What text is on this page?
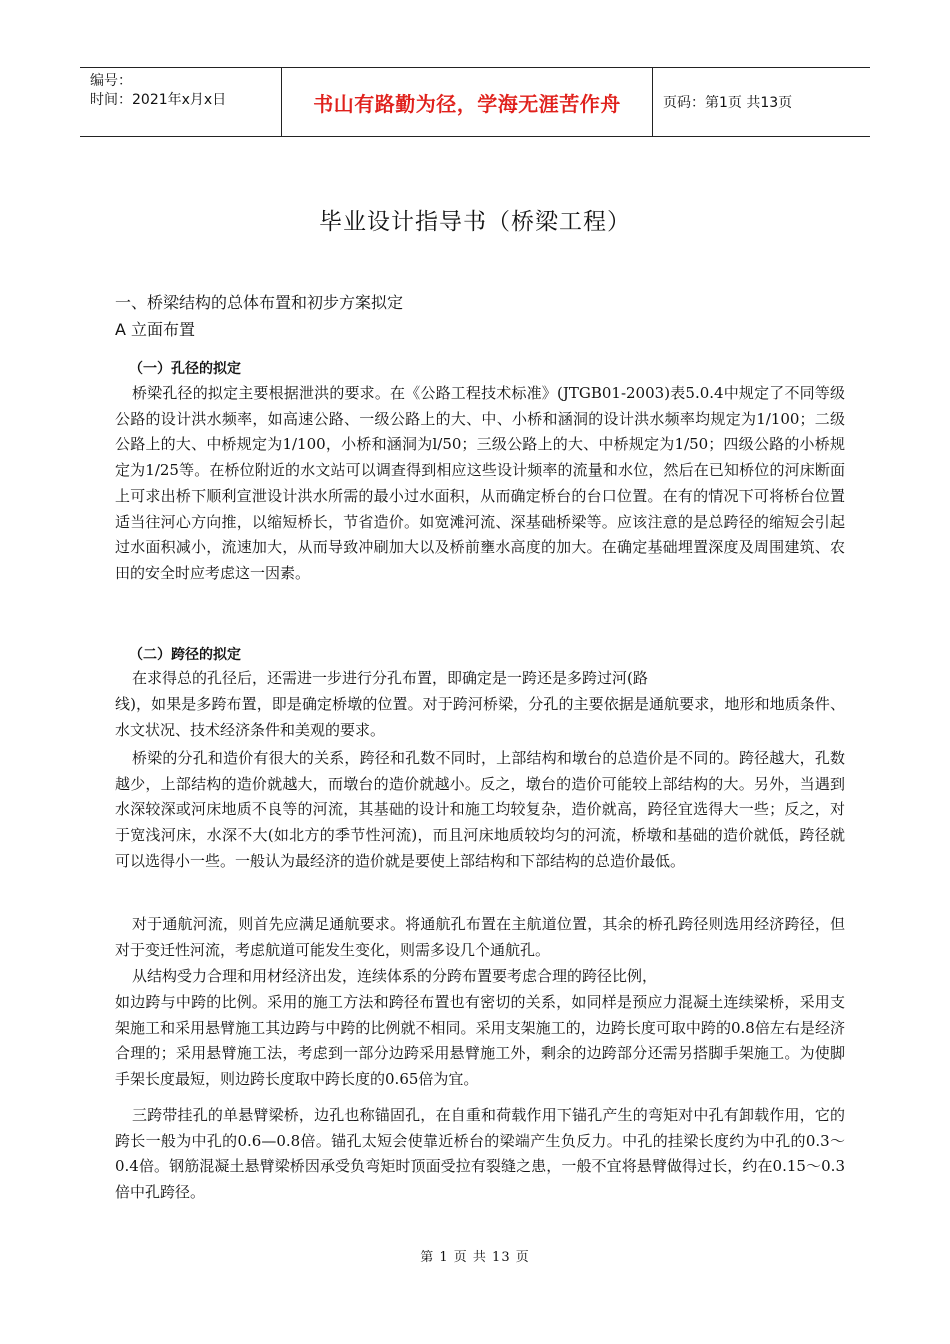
编号：
时间：2021年x月x日	书山有路勤为径，学海无涯苦作舟	页码：第1页 共13页
毕业设计指导书（桥梁工程）
一、桥梁结构的总体布置和初步方案拟定
A 立面布置
（一）孔径的拟定

桥梁孔径的拟定主要根据泄洪的要求。在《公路工程技术标准》(JTGB01-2003)表5.0.4中规定了不同等级公路的设计洪水频率，如高速公路、一级公路上的大、中、小桥和涵洞的设计洪水频率均规定为1/100；二级公路上的大、中桥规定为1/100，小桥和涵洞为l/50；三级公路上的大、中桥规定为1/50；四级公路的小桥规定为1/25等。在桥位附近的水文站可以调查得到相应这些设计频率的流量和水位，然后在已知桥位的河床断面上可求出桥下顺利宣泄设计洪水所需的最小过水面积，从而确定桥台的台口位置。在有的情况下可将桥台位置适当往河心方向推，以缩短桥长，节省造价。如宽滩河流、深基础桥梁等。应该注意的是总跨径的缩短会引起过水面积减小，流速加大，从而导致冲刷加大以及桥前壅水高度的加大。在确定基础埋置深度及周围建筑、农田的安全时应考虑这一因素。

（二）跨径的拟定

在求得总的孔径后，还需进一步进行分孔布置，即确定是一跨还是多跨过河(路

线)，如果是多跨布置，即是确定桥墩的位置。对于跨河桥梁，分孔的主要依据是通航要求，地形和地质条件、水文状况、技术经济条件和美观的要求。

桥梁的分孔和造价有很大的关系，跨径和孔数不同时，上部结构和墩台的总造价是不同的。跨径越大，孔数越少，上部结构的造价就越大，而墩台的造价就越小。反之，墩台的造价可能较上部结构的大。另外，当遇到水深较深或河床地质不良等的河流，其基础的设计和施工均较复杂，造价就高，跨径宜选得大一些；反之，对于宽浅河床，水深不大(如北方的季节性河流)，而且河床地质较均匀的河流，桥墩和基础的造价就低，跨径就可以选得小一些。一般认为最经济的造价就是要使上部结构和下部结构的总造价最低。

对于通航河流，则首先应满足通航要求。将通航孔布置在主航道位置，其余的桥孔跨径则选用经济跨径，但对于变迁性河流，考虑航道可能发生变化，则需多设几个通航孔。

从结构受力合理和用材经济出发，连续体系的分跨布置要考虑合理的跨径比例，

如边跨与中跨的比例。采用的施工方法和跨径布置也有密切的关系，如同样是预应力混凝土连续梁桥，采用支架施工和采用悬臂施工其边跨与中跨的比例就不相同。采用支架施工的，边跨长度可取中跨的0.8倍左右是经济合理的；采用悬臂施工法，考虑到一部分边跨采用悬臂施工外，剩余的边跨部分还需另搭脚手架施工。为使脚手架长度最短，则边跨长度取中跨长度的0.65倍为宜。

三跨带挂孔的单悬臂梁桥，边孔也称锚固孔，在自重和荷载作用下锚孔产生的弯矩对中孔有卸载作用，它的跨长一般为中孔的0.6—0.8倍。锚孔太短会使靠近桥台的梁端产生负反力。中孔的挂梁长度约为中孔的0.3～0.4倍。钢筋混凝土悬臂梁桥因承受负弯矩时顶面受拉有裂缝之患，一般不宜将悬臂做得过长，约在0.15～0.3倍中孔跨径。

第 1 页 共 13 页
